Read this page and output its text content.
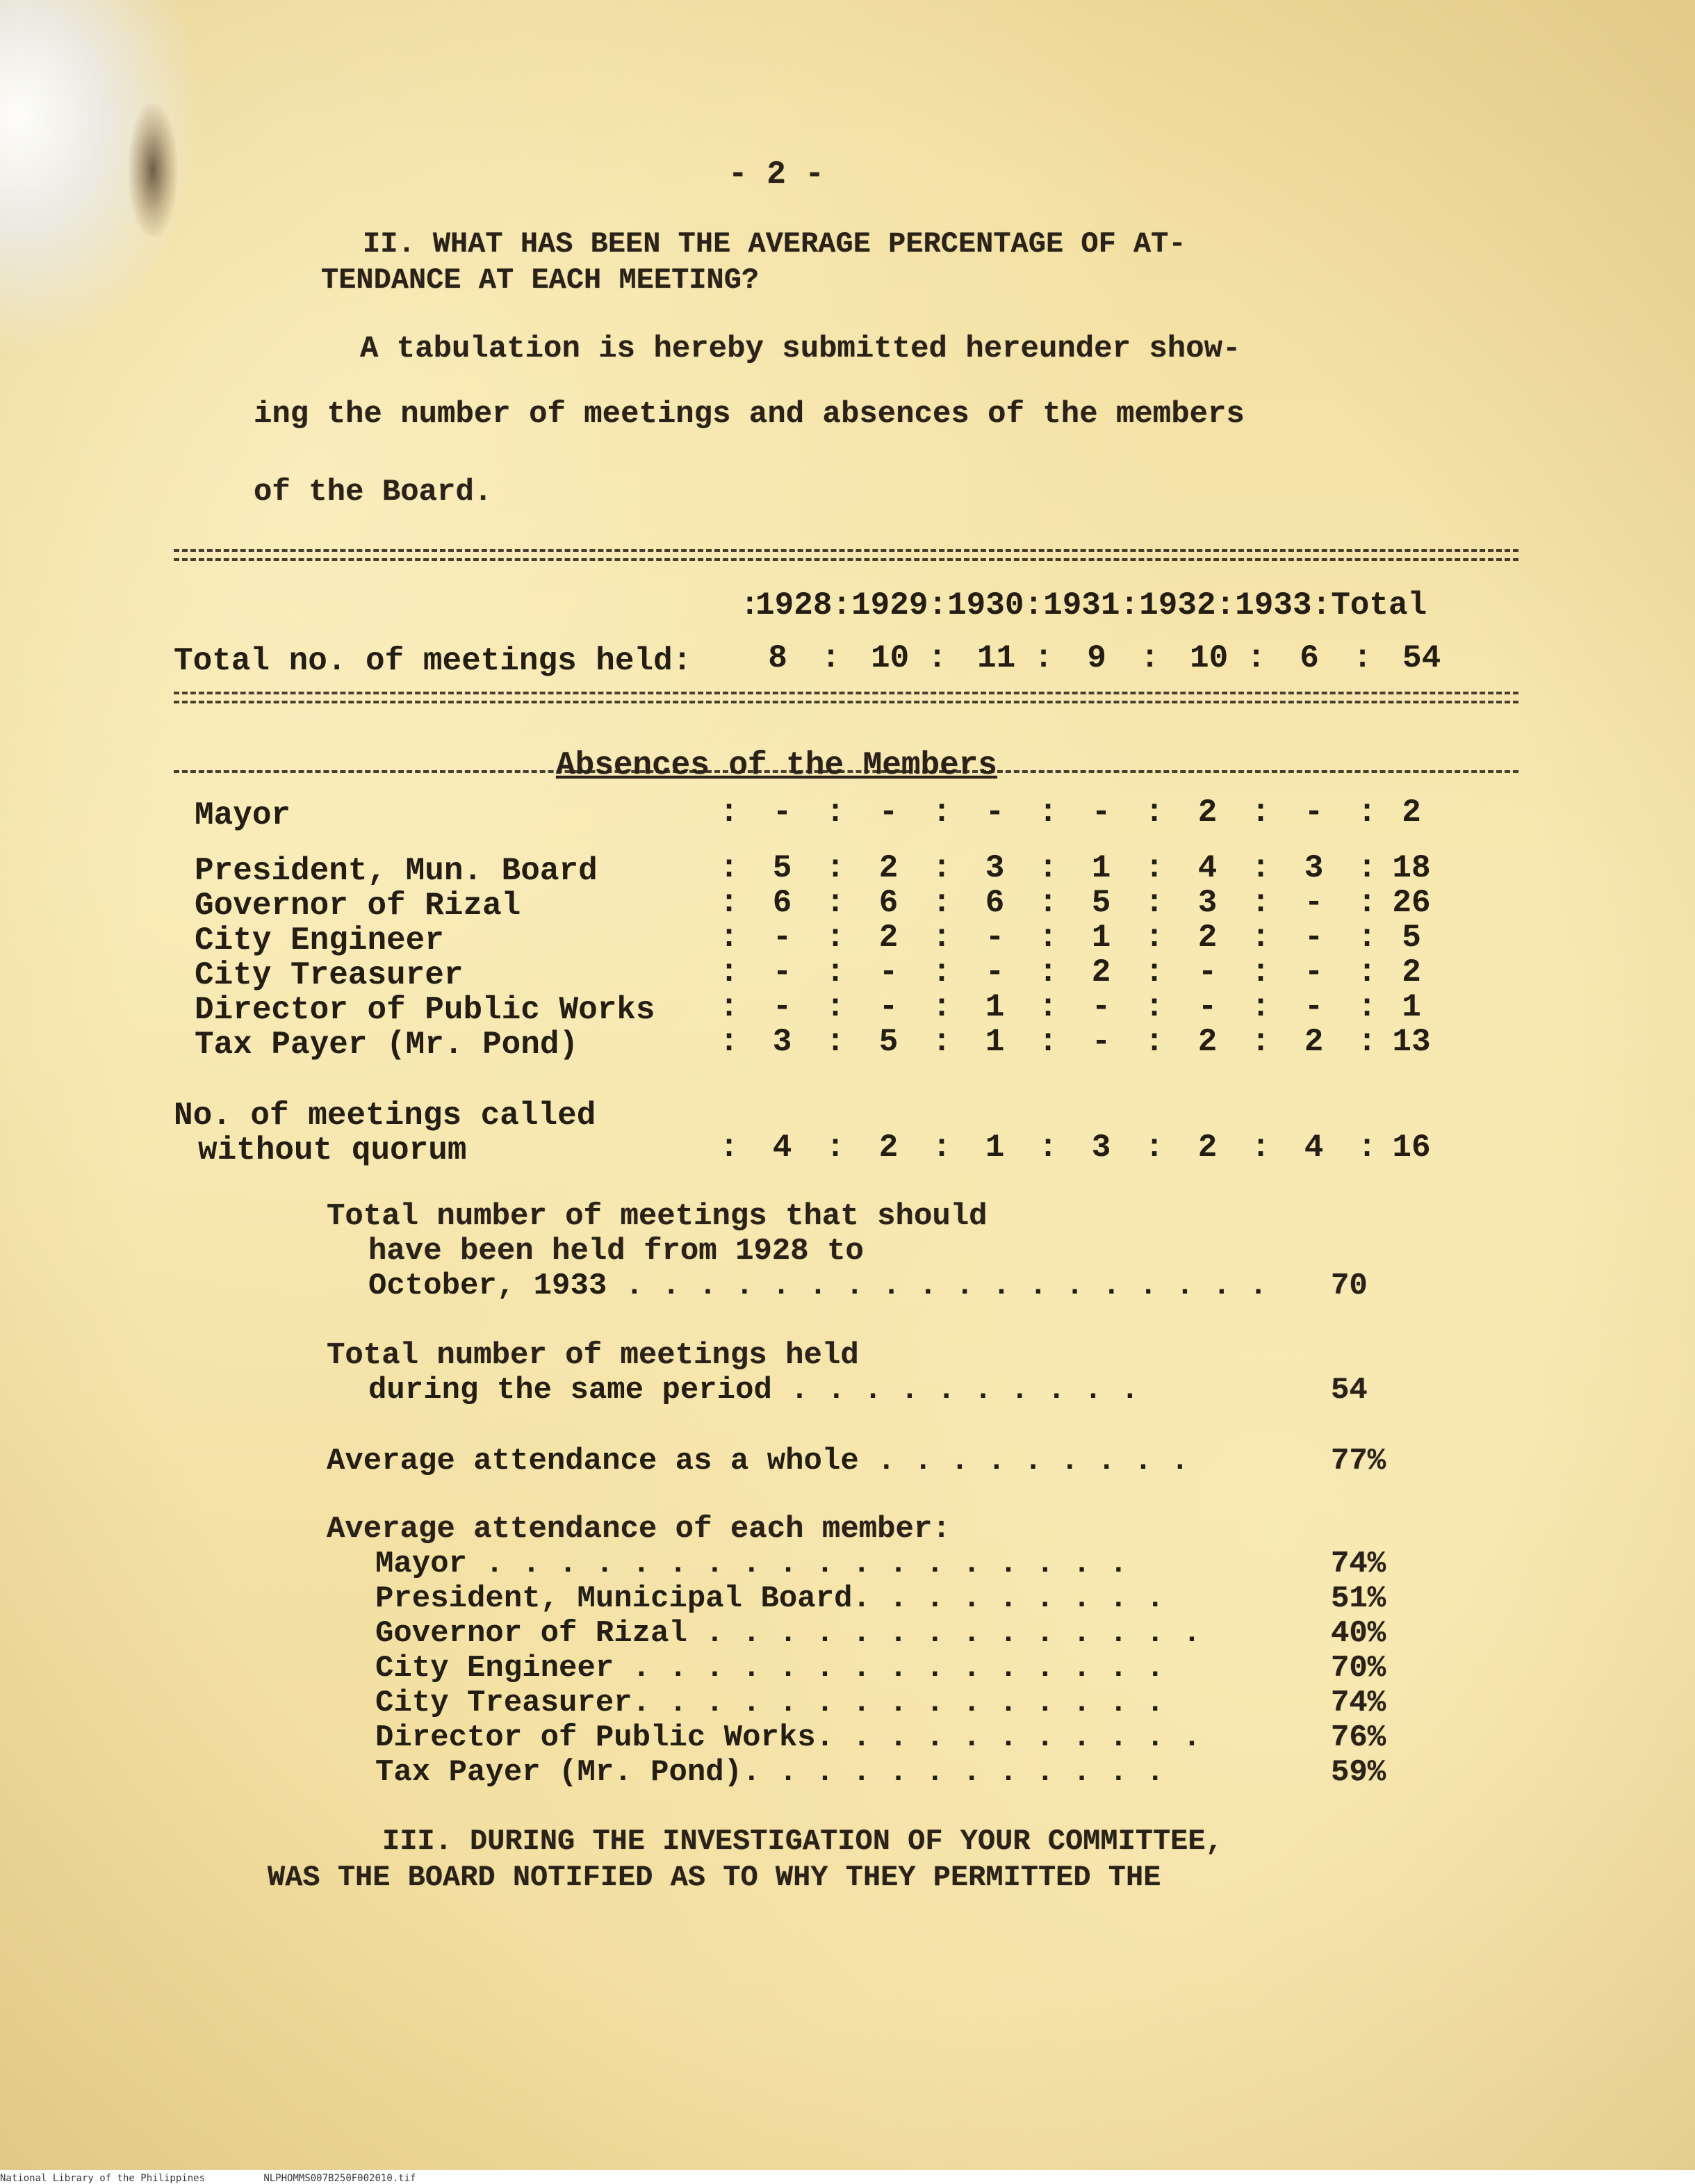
- 2 -
II. WHAT HAS BEEN THE AVERAGE PERCENTAGE OF AT-
TENDANCE AT EACH MEETING?
A tabulation is hereby submitted hereunder show-
ing the number of meetings and absences of the members
of the Board.
:
1928 : 1929 : 1930 : 1931 : 1932 : 1933 : Total
Total no. of meetings held: 8	: 10 : 11 :	9	: 10 :	6	: 54
Absences of the Members
Mayor	:	-	:	-	:	-	:	-	:	2	:	-	: 2
President, Mun. Board	:	5	:	2	:	3	:	1	:	4	:	3	: 18
Governor of Rizal	:	6	:	6	:	6	:	5	:	3	:	-	: 26
City Engineer	:	-	:	2	:	-	:	1	:	2	:	-	: 5
City Treasurer	:	-	:	-	:	-	:	2	:	-	:	-	: 2
Director of Public Works :	-	:	-	:	1	:	-	:	-	:	-	: 1
Tax Payer (Mr. Pond)	:	3	:	5	:	1	:	-	:	2	:	2	: 13
No. of meetings called
without quorum	:	4	:	2	:	1	:	3	:	2	:	4	: 16
Total number of meetings that should
have been held from 1928 to
October, 1933 . . . . . . . . . . . . . . . . . . 70
Total number of meetings held
during the same period . . . . . . . . . .	54
Average attendance as a whole . . . . . . . . .	77%
Average attendance of each member:
Mayor . . . . . . . . . . . . . . . . . .	74%
President, Municipal Board. . . . . . . . .	51%
Governor of Rizal . . . . . . . . . . . . . .	40%
City Engineer . . . . . . . . . . . . . . .	70%
City Treasurer. . . . . . . . . . . . . . .	74%
Director of Public Works. . . . . . . . . . .	76%
Tax Payer (Mr. Pond). . . . . . . . . . . .	59%
III. DURING THE INVESTIGATION OF YOUR COMMITTEE,
WAS THE BOARD NOTIFIED AS TO WHY THEY PERMITTED THE
National Library of the Philippines	NLPHOMMS007B250F002010.tif
